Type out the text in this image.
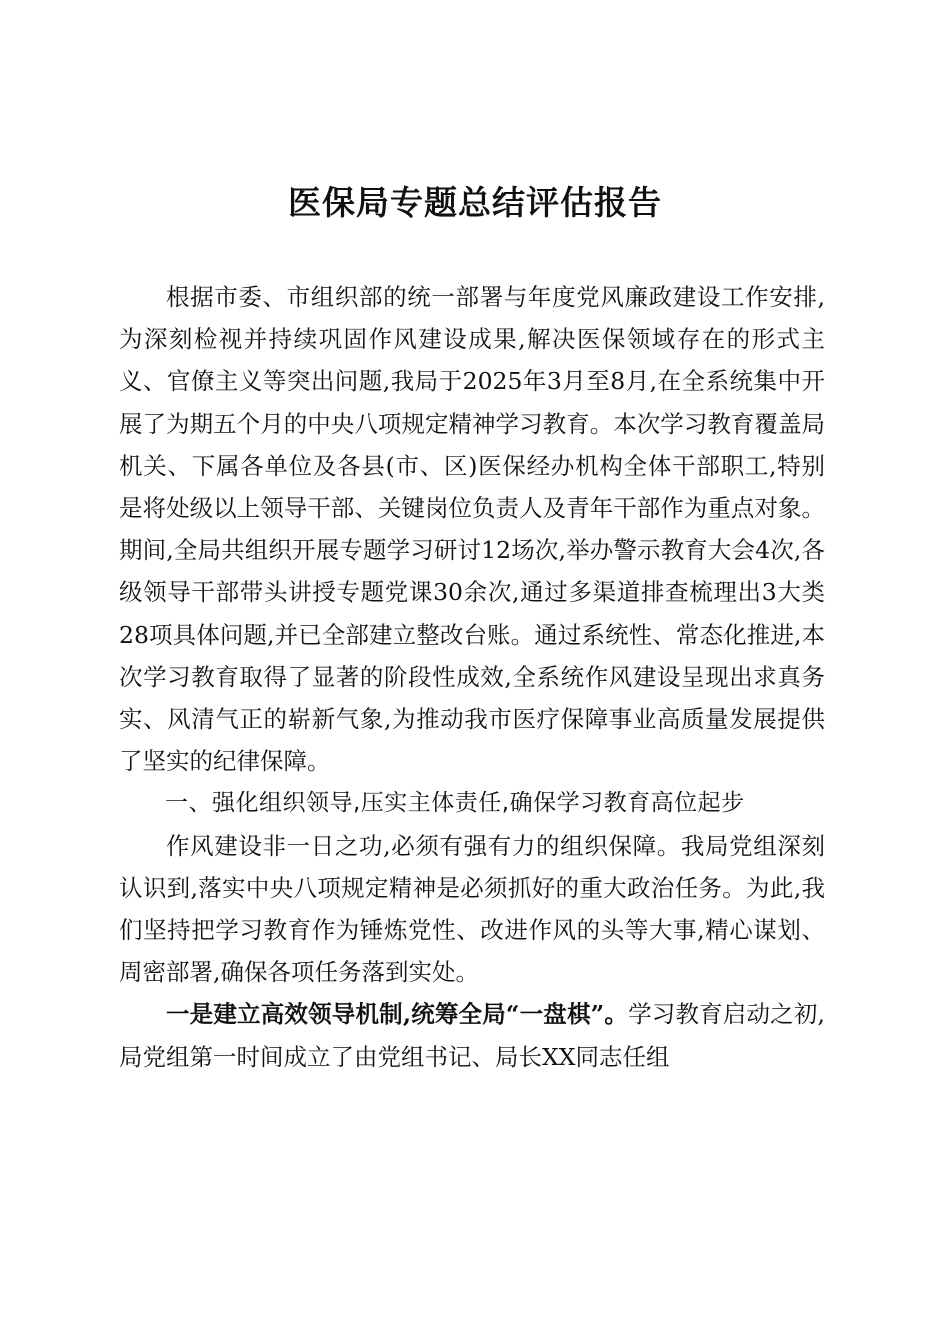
医保局专题总结评估报告

根据市委、市组织部的统一部署与年度党风廉政建设工作安排,为深刻检视并持续巩固作风建设成果,解决医保领域存在的形式主义、官僚主义等突出问题,我局于2025年3月至8月,在全系统集中开展了为期五个月的中央八项规定精神学习教育。本次学习教育覆盖局机关、下属各单位及各县(市、区)医保经办机构全体干部职工,特别是将处级以上领导干部、关键岗位负责人及青年干部作为重点对象。期间,全局共组织开展专题学习研讨12场次,举办警示教育大会4次,各级领导干部带头讲授专题党课30余次,通过多渠道排查梳理出3大类28项具体问题,并已全部建立整改台账。通过系统性、常态化推进,本次学习教育取得了显著的阶段性成效,全系统作风建设呈现出求真务实、风清气正的崭新气象,为推动我市医疗保障事业高质量发展提供了坚实的纪律保障。

一、强化组织领导,压实主体责任,确保学习教育高位起步

作风建设非一日之功,必须有强有力的组织保障。我局党组深刻认识到,落实中央八项规定精神是必须抓好的重大政治任务。为此,我们坚持把学习教育作为锤炼党性、改进作风的头等大事,精心谋划、周密部署,确保各项任务落到实处。

一是建立高效领导机制,统筹全局“一盘棋”。学习教育启动之初,局党组第一时间成立了由党组书记、局长XX同志任组
